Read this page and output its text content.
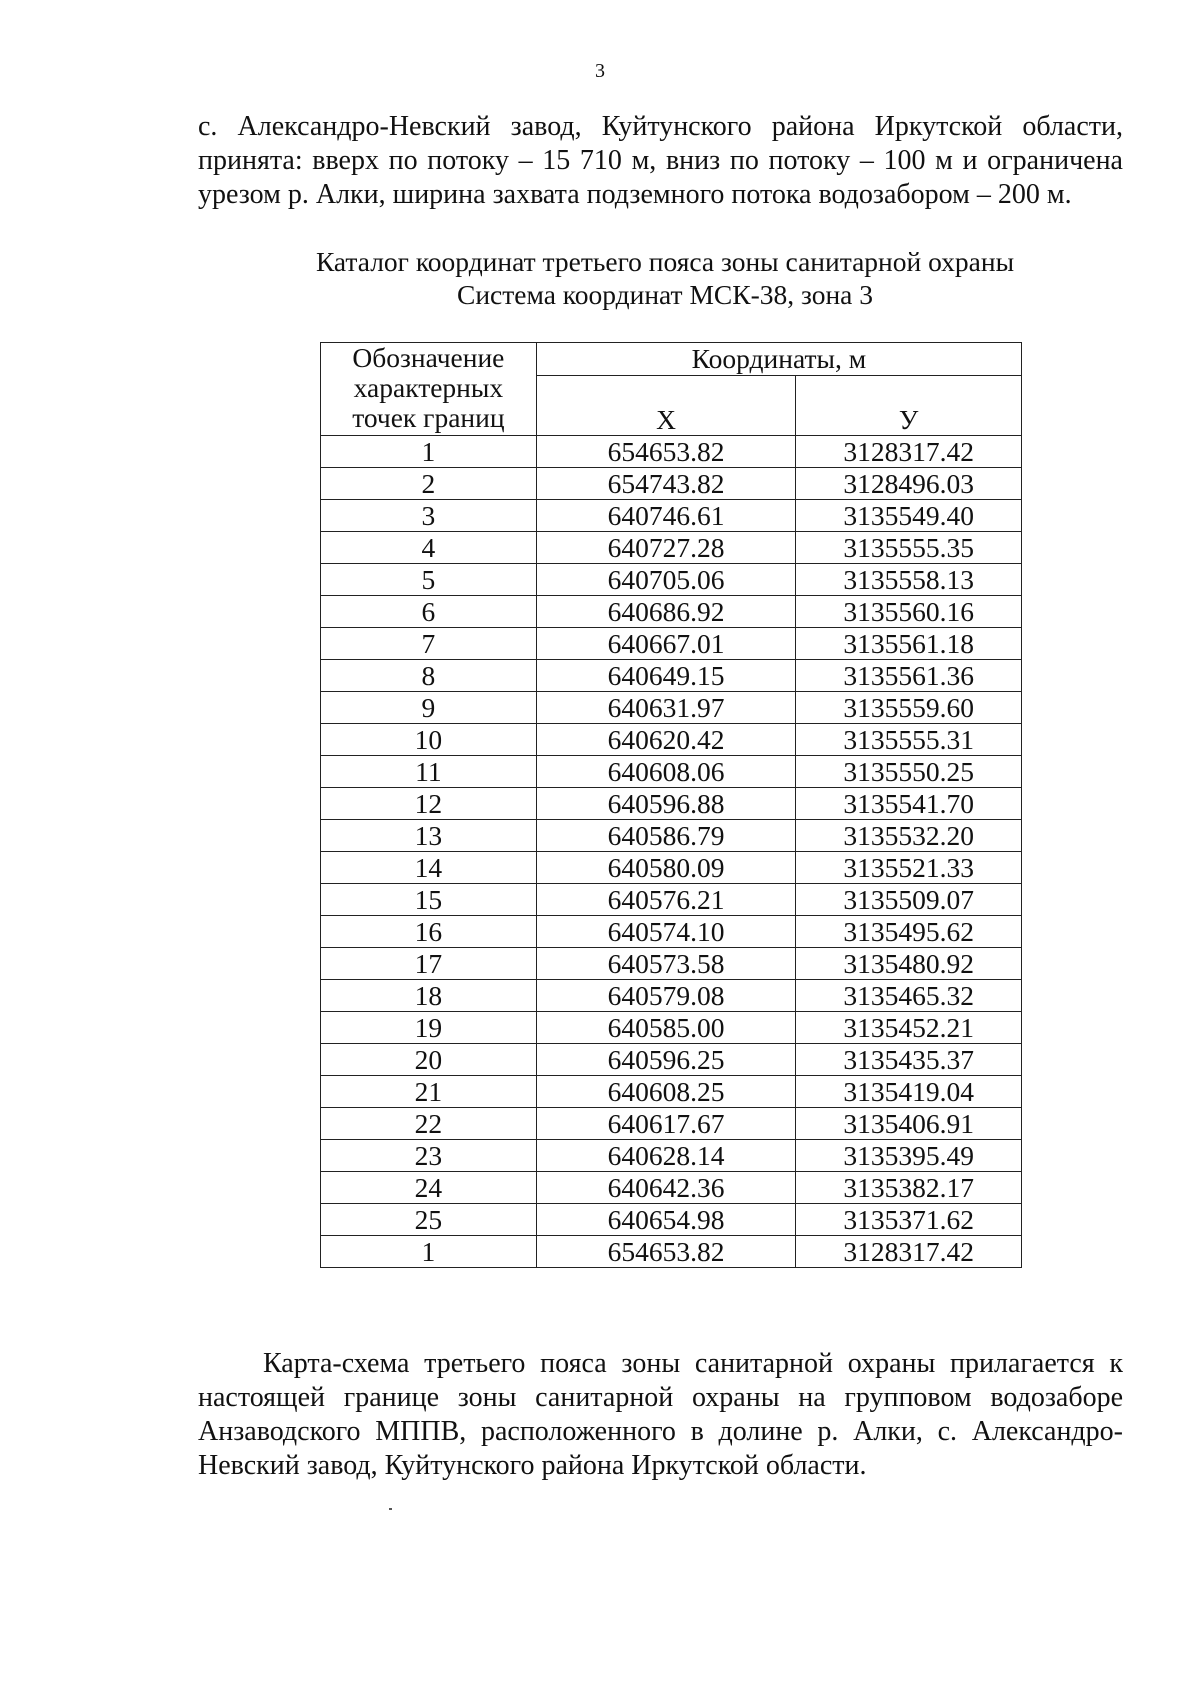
3
с. Александро-Невский завод, Куйтунского района Иркутской области, принята: вверх по потоку – 15 710 м, вниз по потоку – 100 м и ограничена урезом р. Алки, ширина захвата подземного потока водозабором – 200 м.
Каталог координат третьего пояса зоны санитарной охраны
Система координат МСК-38, зона 3
Обозначение характерных точек границ	Координаты, м	
	X	У
1	654653.82	3128317.42
2	654743.82	3128496.03
3	640746.61	3135549.40
4	640727.28	3135555.35
5	640705.06	3135558.13
6	640686.92	3135560.16
7	640667.01	3135561.18
8	640649.15	3135561.36
9	640631.97	3135559.60
10	640620.42	3135555.31
11	640608.06	3135550.25
12	640596.88	3135541.70
13	640586.79	3135532.20
14	640580.09	3135521.33
15	640576.21	3135509.07
16	640574.10	3135495.62
17	640573.58	3135480.92
18	640579.08	3135465.32
19	640585.00	3135452.21
20	640596.25	3135435.37
21	640608.25	3135419.04
22	640617.67	3135406.91
23	640628.14	3135395.49
24	640642.36	3135382.17
25	640654.98	3135371.62
1	654653.82	3128317.42
Карта-схема третьего пояса зоны санитарной охраны прилагается к настоящей границе зоны санитарной охраны на групповом водозаборе Анзаводского МППВ, расположенного в долине р. Алки, с. Александро-Невский завод, Куйтунского района Иркутской области.
